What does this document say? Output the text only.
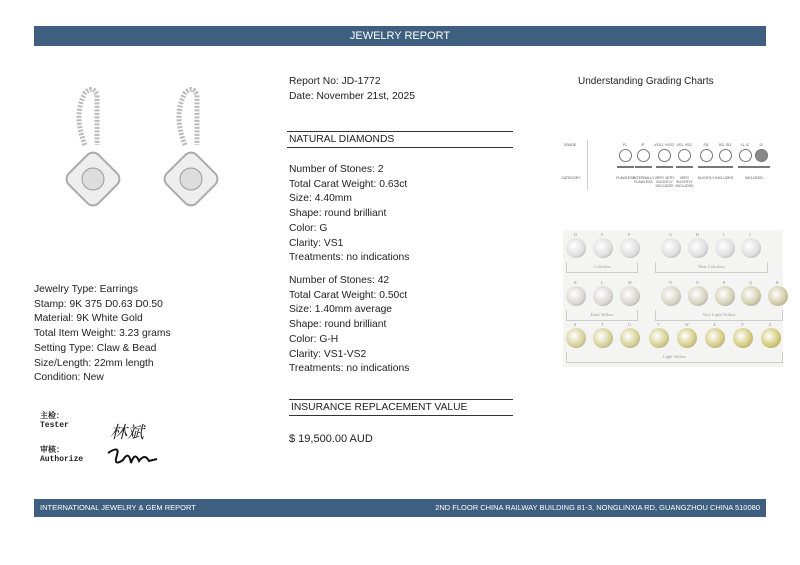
JEWELRY REPORT
Jewelry Type: Earrings
Stamp: 9K 375 D0.63 D0.50
Material: 9K White Gold
Total Item Weight: 3.23 grams
Setting Type: Claw & Bead
Size/Length: 22mm length
Condition: New
主检：
Tester
审核：
Authorize
林斌
Report No: JD-1772
Date: November 21st, 2025
NATURAL DIAMONDS
Number of Stones: 2
Total Carat Weight: 0.63ct
Size: 4.40mm
Shape: round brilliant
Color: G
Clarity: VS1
Treatments: no indications
Number of Stones: 42
Total Carat Weight: 0.50ct
Size: 1.40mm average
Shape: round brilliant
Color: G-H
Clarity: VS1-VS2
Treatments: no indications
INSURANCE REPLACEMENT VALUE
$ 19,500.00 AUD
Understanding Grading Charts
GRADE
CATEGORY
FL	IF	VVS1, VVS2 VS1, VS2	SI1	SI2, SI3	I1, I2	I3
FLAWLESS
INTERNALLY FLAWLESS
VERY VERY SLIGHTLY INCLUDED
VERY SLIGHTLY INCLUDED
SLIGHTLY INCLUDED	INCLUDED
D	E	F	G	H	I	J
K	L	M	N	O	P	Q	R
S	T	U	V	W	X	Y	Z
Colorless	Near Colorless
Faint Yellow	Very Light Yellow
Light Yellow
INTERNATIONAL JEWELRY & GEM REPORT	2ND FLOOR CHINA RAILWAY BUILDING 81-3, NONGLINXIA RD, GUANGZHOU CHINA 510080
